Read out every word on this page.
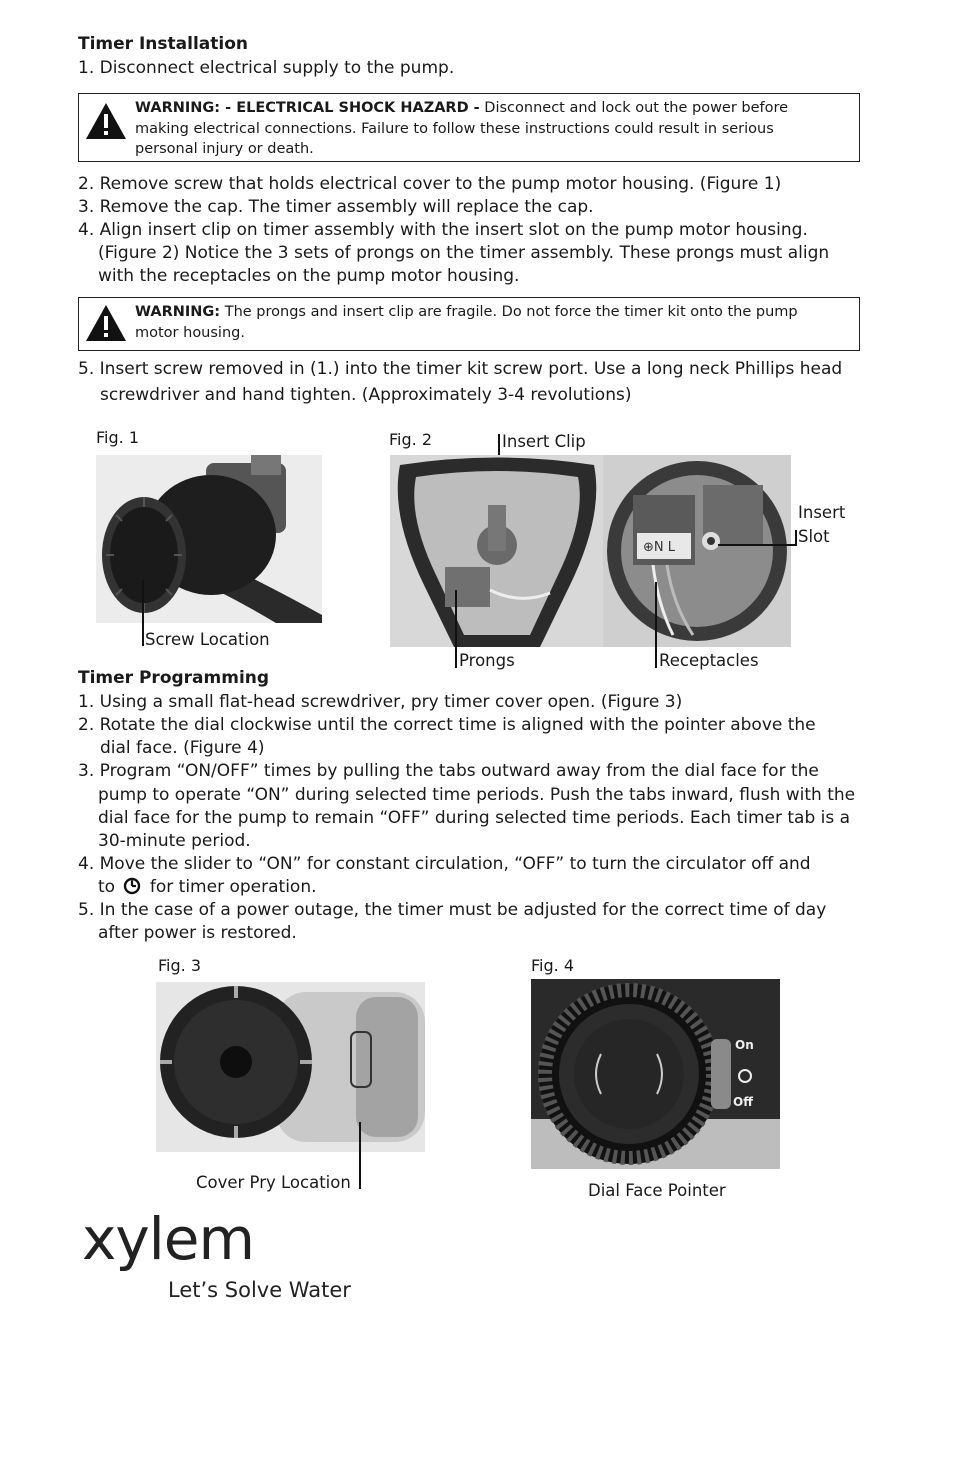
Timer Installation
1. Disconnect electrical supply to the pump.
WARNING: - ELECTRICAL SHOCK HAZARD - Disconnect and lock out the power before
making electrical connections. Failure to follow these instructions could result in serious
personal injury or death.
2. Remove screw that holds electrical cover to the pump motor housing. (Figure 1)
3. Remove the cap. The timer assembly will replace the cap.
4. Align insert clip on timer assembly with the insert slot on the pump motor housing.
(Figure 2) Notice the 3 sets of prongs on the timer assembly. These prongs must align
with the receptacles on the pump motor housing.
WARNING: The prongs and insert clip are fragile. Do not force the timer kit onto the pump
motor housing.
5. Insert screw removed in (1.) into the timer kit screw port. Use a long neck Phillips head
screwdriver and hand tighten. (Approximately 3-4 revolutions)
Fig. 1
Screw Location
Fig. 2	Insert Clip
⊕N L
Insert
Slot
Prongs	Receptacles
Timer Programming
1. Using a small flat-head screwdriver, pry timer cover open. (Figure 3)
2. Rotate the dial clockwise until the correct time is aligned with the pointer above the
dial face. (Figure 4)
3. Program “ON/OFF” times by pulling the tabs outward away from the dial face for the
pump to operate “ON” during selected time periods. Push the tabs inward, flush with the
dial face for the pump to remain “OFF” during selected time periods. Each timer tab is a
30-minute period.
4. Move the slider to “ON” for constant circulation, “OFF” to turn the circulator off and
to for timer operation.
5. In the case of a power outage, the timer must be adjusted for the correct time of day
after power is restored.
Fig. 3
Cover Pry Location
Fig. 4
On
Off
Dial Face Pointer
xylem
Let’s Solve Water
